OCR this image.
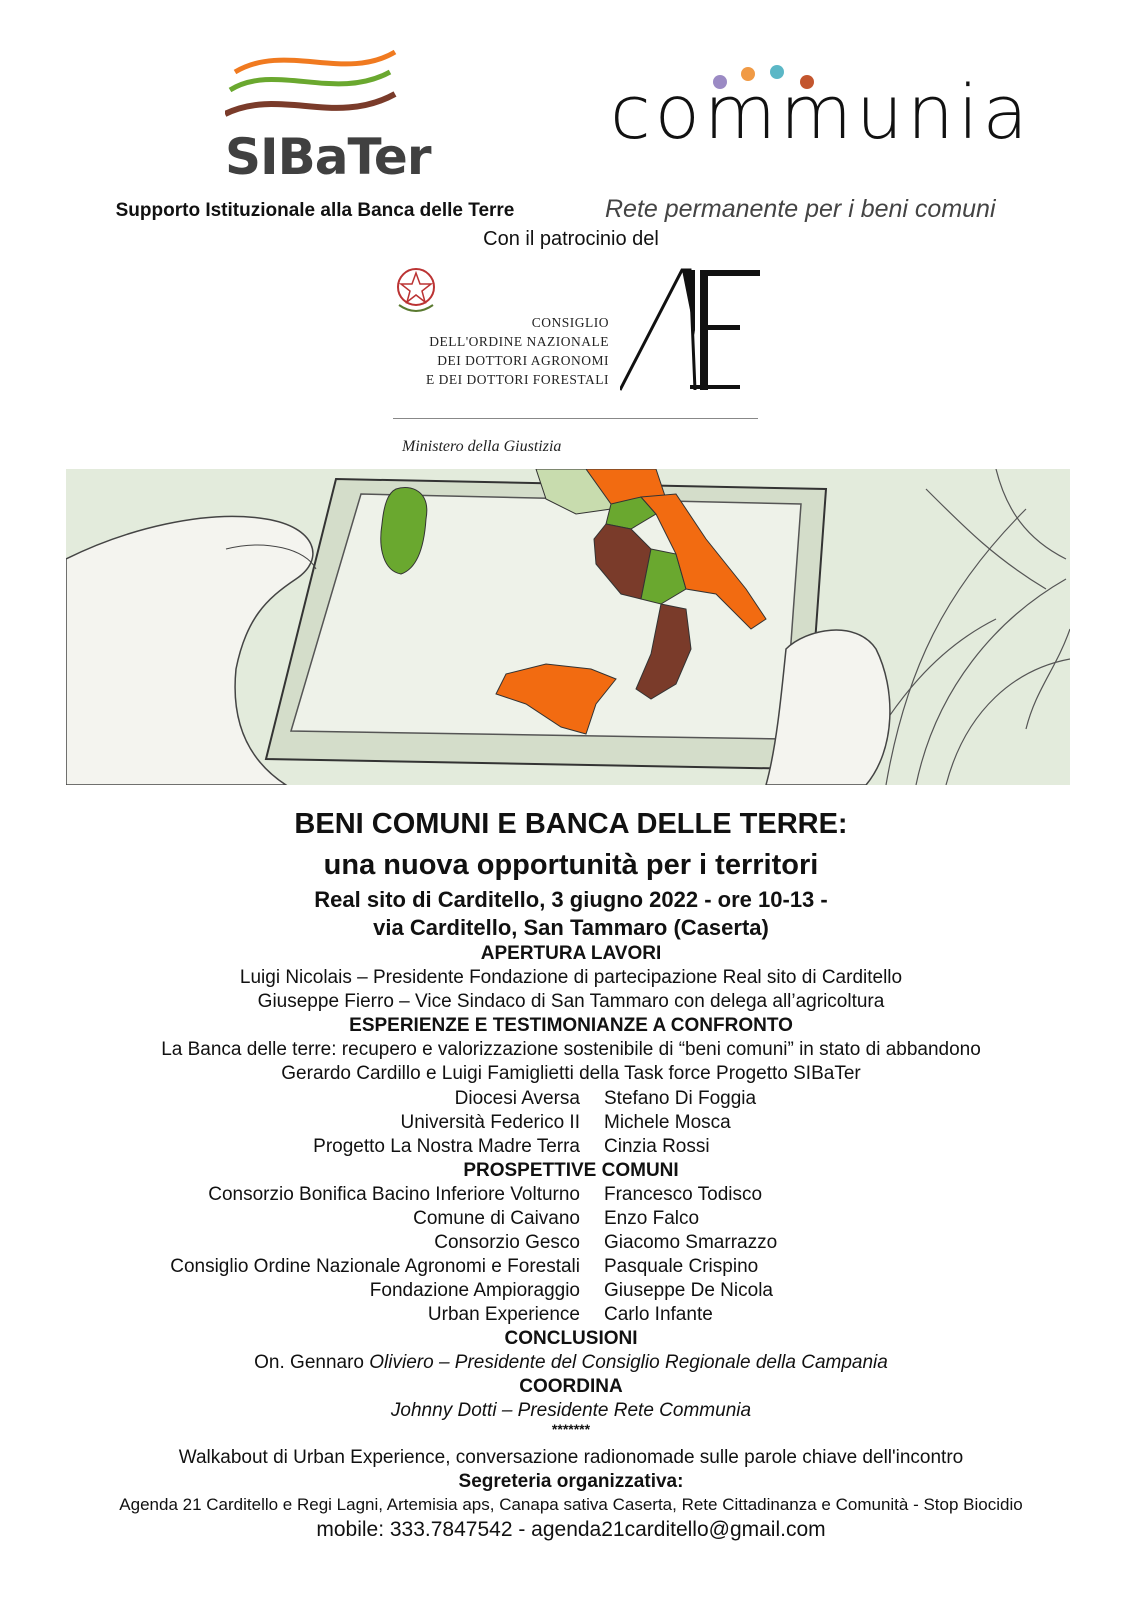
SIBaTer
Supporto Istituzionale alla Banca delle Terre
communia
Rete permanente per i beni comuni
Con il patrocinio del
CONSIGLIO
DELL'ORDINE NAZIONALE
DEI DOTTORI AGRONOMI
E DEI DOTTORI FORESTALI
Ministero della Giustizia
BENI COMUNI E BANCA DELLE TERRE:
una nuova opportunità per i territori
Real sito di Carditello, 3 giugno 2022 - ore 10-13 -
via Carditello, San Tammaro (Caserta)
APERTURA LAVORI
Luigi Nicolais – Presidente Fondazione di partecipazione Real sito di Carditello
Giuseppe Fierro – Vice Sindaco di San Tammaro con delega all’agricoltura
ESPERIENZE E TESTIMONIANZE A CONFRONTO
La Banca delle terre: recupero e valorizzazione sostenibile di “beni comuni” in stato di abbandono
Gerardo Cardillo e Luigi Famiglietti della Task force Progetto SIBaTer
Diocesi Aversa Stefano Di Foggia
Università Federico II Michele Mosca
Progetto La Nostra Madre Terra Cinzia Rossi
PROSPETTIVE COMUNI
Consorzio Bonifica Bacino Inferiore Volturno Francesco Todisco
Comune di Caivano Enzo Falco
Consorzio Gesco Giacomo Smarrazzo
Consiglio Ordine Nazionale Agronomi e Forestali Pasquale Crispino
Fondazione Ampioraggio Giuseppe De Nicola
Urban Experience Carlo Infante
CONCLUSIONI
On. Gennaro Oliviero – Presidente del Consiglio Regionale della Campania
COORDINA
Johnny Dotti – Presidente Rete Communia
*******
Walkabout di Urban Experience, conversazione radionomade sulle parole chiave dell'incontro
Segreteria organizzativa:
Agenda 21 Carditello e Regi Lagni, Artemisia aps, Canapa sativa Caserta, Rete Cittadinanza e Comunità - Stop Biocidio
mobile: 333.7847542 - agenda21carditello@gmail.com
